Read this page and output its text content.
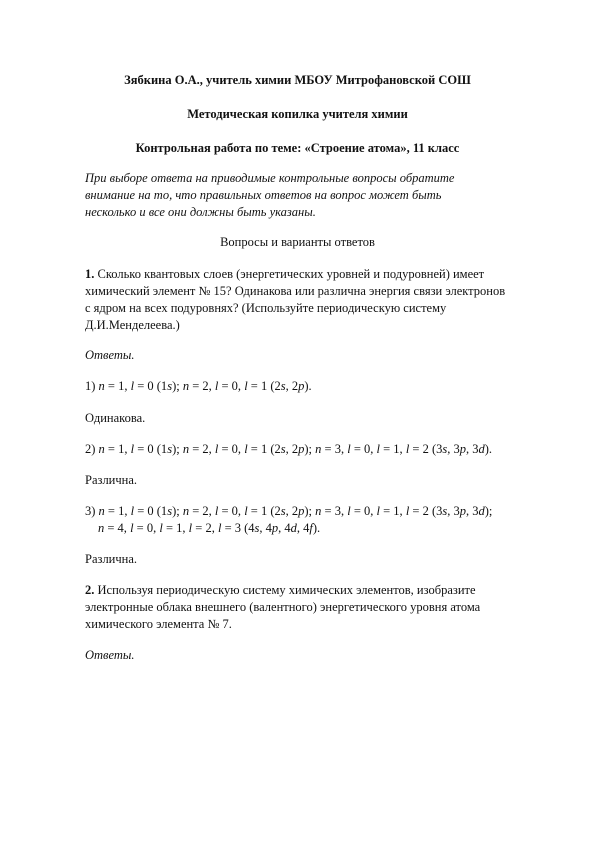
Зябкина О.А., учитель химии МБОУ Митрофановской СОШ
Методическая копилка учителя химии
Контрольная работа по теме: «Строение атома», 11 класс
При выборе ответа на приводимые контрольные вопросы обратите
внимание на то, что правильных ответов на вопрос может быть
несколько и все они должны быть указаны.
Вопросы и варианты ответов
1. Сколько квантовых слоев (энергетических уровней и подуровней) имеет
химический элемент № 15? Одинакова или различна энергия связи электронов
с ядром на всех подуровнях? (Используйте периодическую систему
Д.И.Менделеева.)
Ответы.
1) n = 1, l = 0 (1s); n = 2, l = 0, l = 1 (2s, 2p).
Одинакова.
2) n = 1, l = 0 (1s); n = 2, l = 0, l = 1 (2s, 2p); n = 3, l = 0, l = 1, l = 2 (3s, 3p, 3d).
Различна.
3) n = 1, l = 0 (1s); n = 2, l = 0, l = 1 (2s, 2p); n = 3, l = 0, l = 1, l = 2 (3s, 3p, 3d);
n = 4, l = 0, l = 1, l = 2, l = 3 (4s, 4p, 4d, 4f).
Различна.
2. Используя периодическую систему химических элементов, изобразите
электронные облака внешнего (валентного) энергетического уровня атома
химического элемента № 7.
Ответы.
